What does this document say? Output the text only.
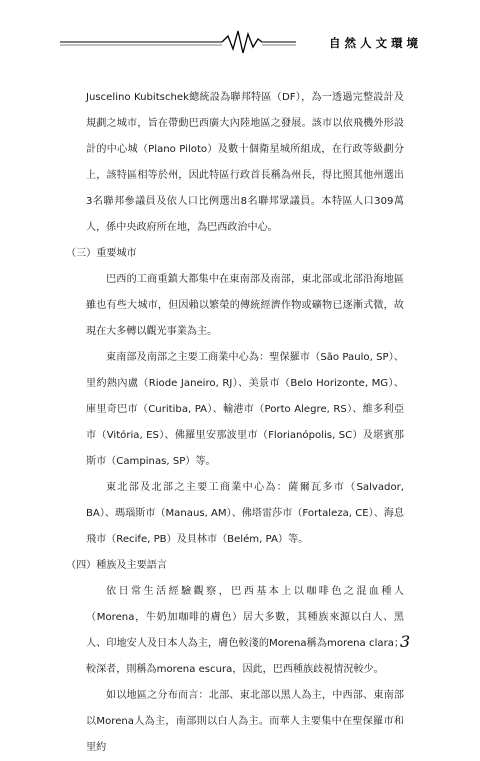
自然人文環境

Juscelino Kubitschek總統設為聯邦特區（DF），為一透過完整設計及規劃之城市，旨在帶動巴西廣大內陸地區之發展。該市以依飛機外形設計的中心城（Plano Piloto）及數十個衛星城所組成，在行政等級劃分上，該特區相等於州，因此特區行政首長稱為州長，得比照其他州選出3名聯邦參議員及依人口比例選出8名聯邦眾議員。本特區人口309萬人，係中央政府所在地，為巴西政治中心。

（三）重要城市

巴西的工商重鎮大都集中在東南部及南部，東北部或北部沿海地區雖也有些大城市，但因賴以繁榮的傳統經濟作物或礦物已逐漸式微，故現在大多轉以觀光事業為主。

東南部及南部之主要工商業中心為：聖保羅市（São Paulo, SP）、里約熱內盧（Riode Janeiro, RJ）、美景市（Belo Horizonte, MG）、庫里奇巴市（Curitiba, PA）、輸港市（Porto Alegre, RS）、維多利亞市（Vitória, ES）、佛羅里安那波里市（Florianópolis, SC）及堪賓那斯市（Campinas, SP）等。

東北部及北部之主要工商業中心為：薩爾瓦多市（Salvador, BA）、瑪瑙斯市（Manaus, AM）、佛塔雷莎市（Fortaleza, CE）、海息飛市（Recife, PB）及貝林市（Belém, PA）等。

（四）種族及主要語言

依日常生活經驗觀察，巴西基本上以咖啡色之混血種人（Morena，牛奶加咖啡的膚色）居大多數，其種族來源以白人、黑人、印地安人及日本人為主，膚色較淺的Morena稱為morena clara；較深者，則稱為morena escura，因此，巴西種族歧視情況較少。

如以地區之分布而言：北部、東北部以黑人為主，中西部、東南部以Morena人為主，南部則以白人為主。而華人主要集中在聖保羅市和里約

3
